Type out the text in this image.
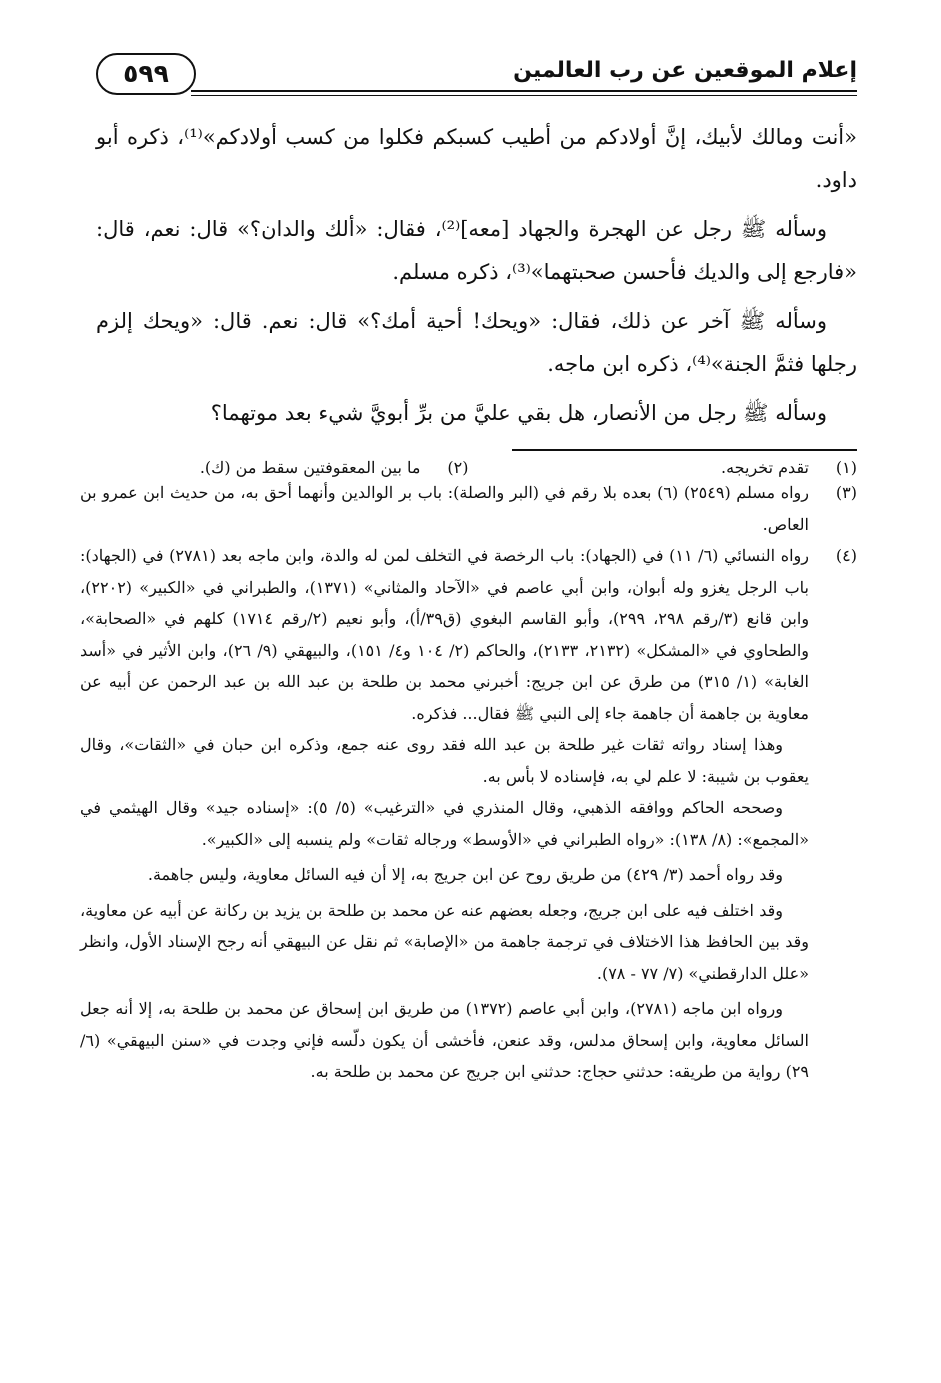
إعلام الموقعين عن رب العالمين
٥٩٩

«أنت ومالك لأبيك، إنَّ أولادكم من أطيب كسبكم فكلوا من كسب أولادكم»⁽¹⁾، ذكره أبو داود.

وسأله ﷺ رجل عن الهجرة والجهاد [معه]⁽²⁾، فقال: «ألك والدان؟» قال: نعم، قال: «فارجع إلى والديك فأحسن صحبتهما»⁽³⁾، ذكره مسلم.

وسأله ﷺ آخر عن ذلك، فقال: «ويحك! أحية أمك؟» قال: نعم. قال: «ويحك إلزم رجلها فثمَّ الجنة»⁽⁴⁾، ذكره ابن ماجه.

وسأله ﷺ رجل من الأنصار، هل بقي عليَّ من برِّ أبويَّ شيء بعد موتهما؟

(١)
تقدم تخريجه.
(٢)
ما بين المعقوفتين سقط من (ك).

(٣)
رواه مسلم (٢٥٤٩) (٦) بعده بلا رقم في (البر والصلة): باب بر الوالدين وأنهما أحق به، من حديث ابن عمرو بن العاص.

(٤)
رواه النسائي (٦/ ١١) في (الجهاد): باب الرخصة في التخلف لمن له والدة، وابن ماجه بعد (٢٧٨١) في (الجهاد): باب الرجل يغزو وله أبوان، وابن أبي عاصم في «الآحاد والمثاني» (١٣٧١)، والطبراني في «الكبير» (٢٢٠٢)، وابن قانع (٣/رقم ٢٩٨، ٢٩٩)، وأبو القاسم البغوي (ق٣٩/أ)، وأبو نعيم (٢/رقم ١٧١٤) كلهم في «الصحابة»، والطحاوي في «المشكل» (٢١٣٢، ٢١٣٣)، والحاكم (٢/ ١٠٤ و٤/ ١٥١)، والبيهقي (٩/ ٢٦)، وابن الأثير في «أسد الغابة» (١/ ٣١٥) من طرق عن ابن جريج: أخبرني محمد بن طلحة بن عبد الله بن عبد الرحمن عن أبيه عن معاوية بن جاهمة أن جاهمة جاء إلى النبي ﷺ فقال... فذكره.

وهذا إسناد رواته ثقات غير طلحة بن عبد الله فقد روى عنه جمع، وذكره ابن حبان في «الثقات»، وقال يعقوب بن شيبة: لا علم لي به، فإسناده لا بأس به.

وصححه الحاكم ووافقه الذهبي، وقال المنذري في «الترغيب» (٥/ ٥): «إسناده جيد» وقال الهيثمي في «المجمع»: (٨/ ١٣٨): «رواه الطبراني في «الأوسط» ورجاله ثقات» ولم ينسبه إلى «الكبير».

وقد رواه أحمد (٣/ ٤٢٩) من طريق روح عن ابن جريج به، إلا أن فيه السائل معاوية، وليس جاهمة.

وقد اختلف فيه على ابن جريج، وجعله بعضهم عنه عن محمد بن طلحة بن يزيد بن ركانة عن أبيه عن معاوية، وقد بين الحافظ هذا الاختلاف في ترجمة جاهمة من «الإصابة» ثم نقل عن البيهقي أنه رجح الإسناد الأول، وانظر «علل الدارقطني» (٧/ ٧٧ - ٧٨).

ورواه ابن ماجه (٢٧٨١)، وابن أبي عاصم (١٣٧٢) من طريق ابن إسحاق عن محمد بن طلحة به، إلا أنه جعل السائل معاوية، وابن إسحاق مدلس، وقد عنعن، فأخشى أن يكون دلّسه فإني وجدت في «سنن البيهقي» (٦/ ٢٩) رواية من طريقه: حدثني حجاج: حدثني ابن جريج عن محمد بن طلحة به.
